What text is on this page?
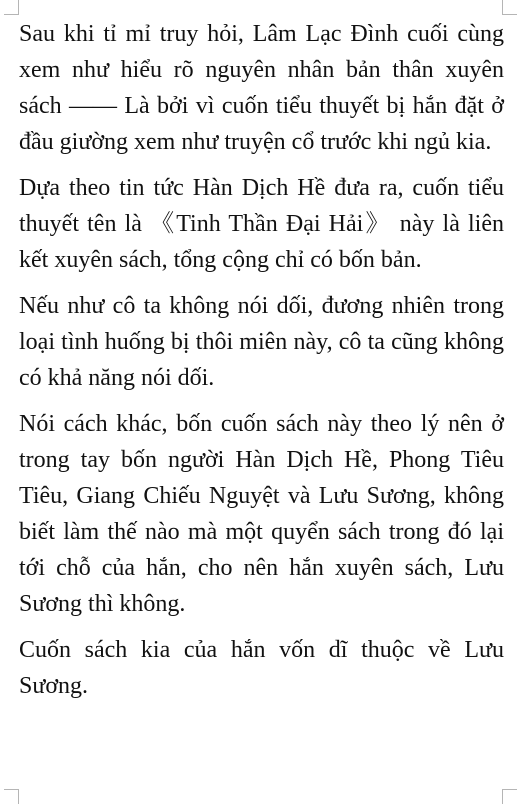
Sau khi tỉ mỉ truy hỏi, Lâm Lạc Đình cuối cùng xem như hiểu rõ nguyên nhân bản thân xuyên sách —— Là bởi vì cuốn tiểu thuyết bị hắn đặt ở đầu giường xem như truyện cổ trước khi ngủ kia.

Dựa theo tin tức Hàn Dịch Hề đưa ra, cuốn tiểu thuyết tên là 《Tinh Thần Đại Hải》 này là liên kết xuyên sách, tổng cộng chỉ có bốn bản.

Nếu như cô ta không nói dối, đương nhiên trong loại tình huống bị thôi miên này, cô ta cũng không có khả năng nói dối.

Nói cách khác, bốn cuốn sách này theo lý nên ở trong tay bốn người Hàn Dịch Hề, Phong Tiêu Tiêu, Giang Chiếu Nguyệt và Lưu Sương, không biết làm thế nào mà một quyển sách trong đó lại tới chỗ của hắn, cho nên hắn xuyên sách, Lưu Sương thì không.

Cuốn sách kia của hắn vốn dĩ thuộc về Lưu Sương.
